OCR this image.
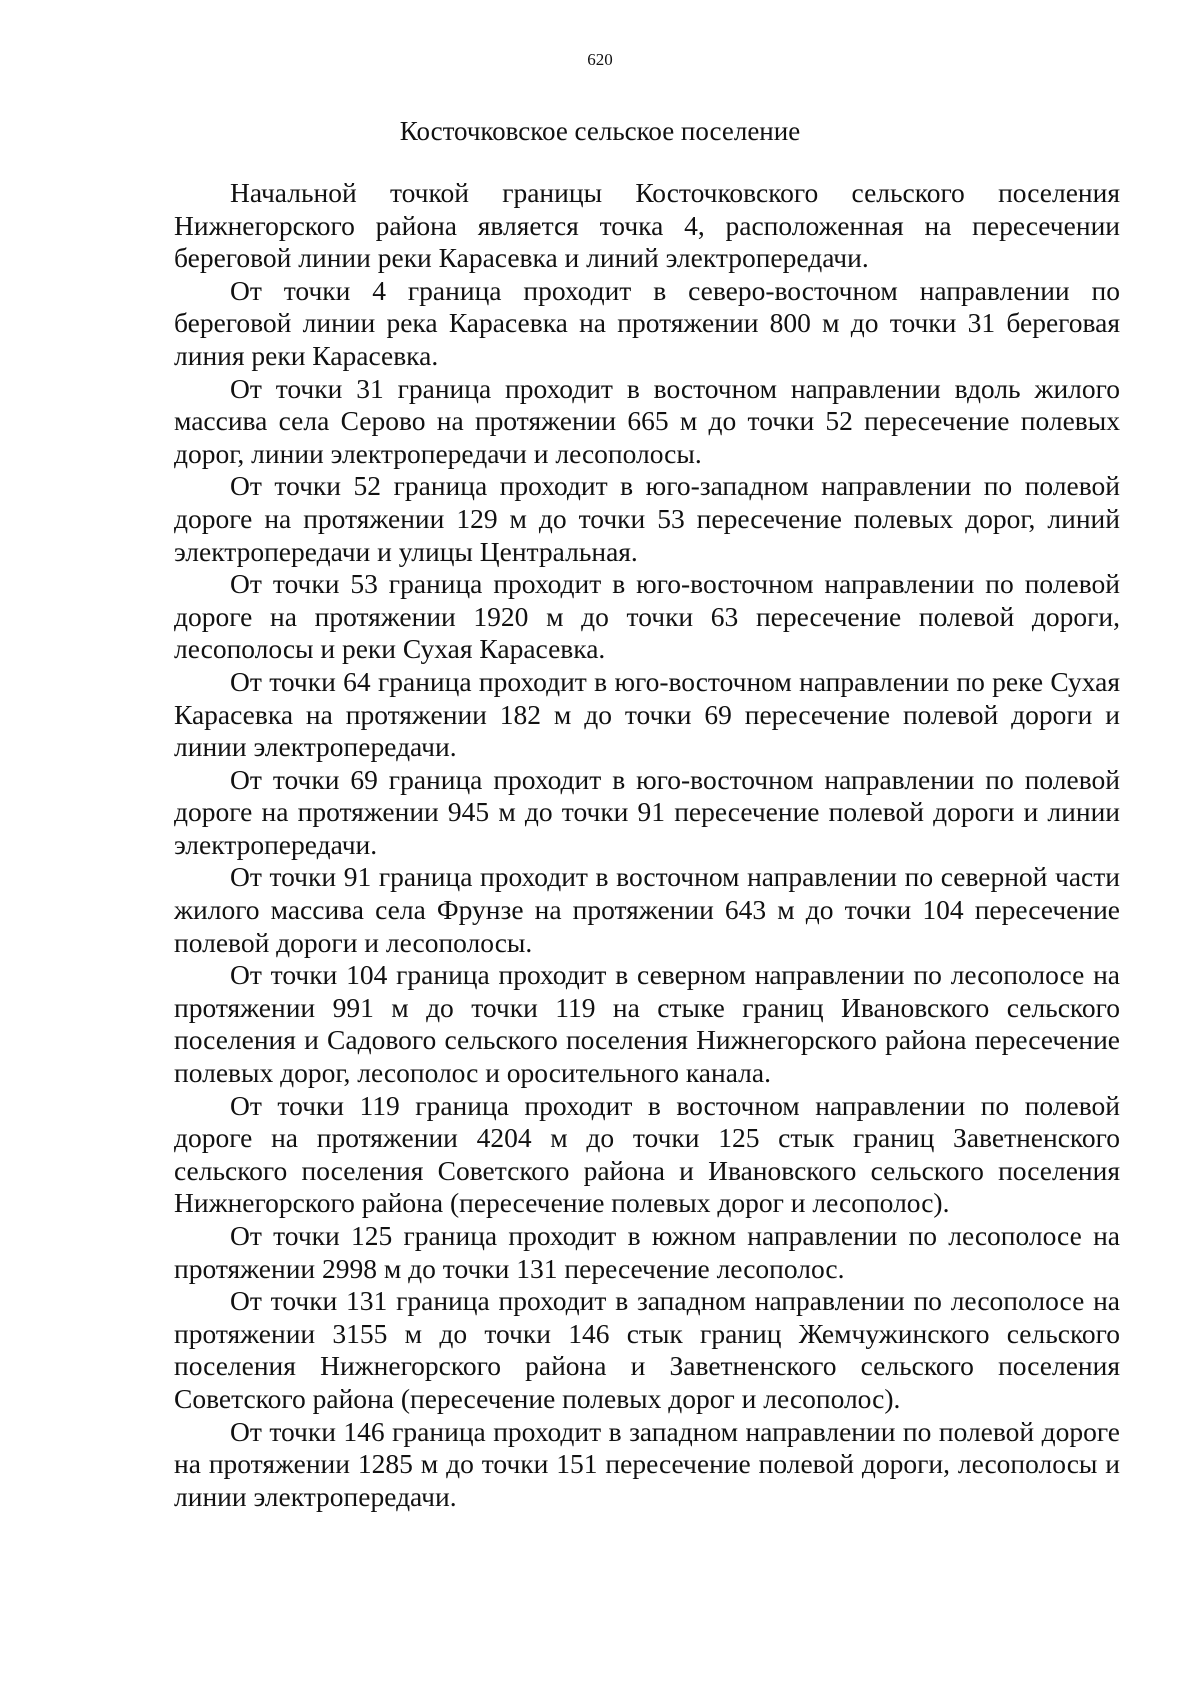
620
Косточковское сельское поселение

Начальной точкой границы Косточковского сельского поселения Нижнегорского района является точка 4, расположенная на пересечении береговой линии реки Карасевка и линий электропередачи.

От точки 4 граница проходит в северо-восточном направлении по береговой линии река Карасевка на протяжении 800 м до точки 31 береговая линия реки Карасевка.

От точки 31 граница проходит в восточном направлении вдоль жилого массива села Серово на протяжении 665 м до точки 52 пересечение полевых дорог, линии электропередачи и лесополосы.

От точки 52 граница проходит в юго-западном направлении по полевой дороге на протяжении 129 м до точки 53 пересечение полевых дорог, линий электропередачи и улицы Центральная.

От точки 53 граница проходит в юго-восточном направлении по полевой дороге на протяжении 1920 м до точки 63 пересечение полевой дороги, лесополосы и реки Сухая Карасевка.

От точки 64 граница проходит в юго-восточном направлении по реке Сухая Карасевка на протяжении 182 м до точки 69 пересечение полевой дороги и линии электропередачи.

От точки 69 граница проходит в юго-восточном направлении по полевой дороге на протяжении 945 м до точки 91 пересечение полевой дороги и линии электропередачи.

От точки 91 граница проходит в восточном направлении по северной части жилого массива села Фрунзе на протяжении 643 м до точки 104 пересечение полевой дороги и лесополосы.

От точки 104 граница проходит в северном направлении по лесополосе на протяжении 991 м до точки 119 на стыке границ Ивановского сельского поселения и Садового сельского поселения Нижнегорского района пересечение полевых дорог, лесополос и оросительного канала.

От точки 119 граница проходит в восточном направлении по полевой дороге на протяжении 4204 м до точки 125 стык границ Заветненского сельского поселения Советского района и Ивановского сельского поселения Нижнегорского района (пересечение полевых дорог и лесополос).

От точки 125 граница проходит в южном направлении по лесополосе на протяжении 2998 м до точки 131 пересечение лесополос.

От точки 131 граница проходит в западном направлении по лесополосе на протяжении 3155 м до точки 146 стык границ Жемчужинского сельского поселения Нижнегорского района и Заветненского сельского поселения Советского района (пересечение полевых дорог и лесополос).

От точки 146 граница проходит в западном направлении по полевой дороге на протяжении 1285 м до точки 151 пересечение полевой дороги, лесополосы и линии электропередачи.
